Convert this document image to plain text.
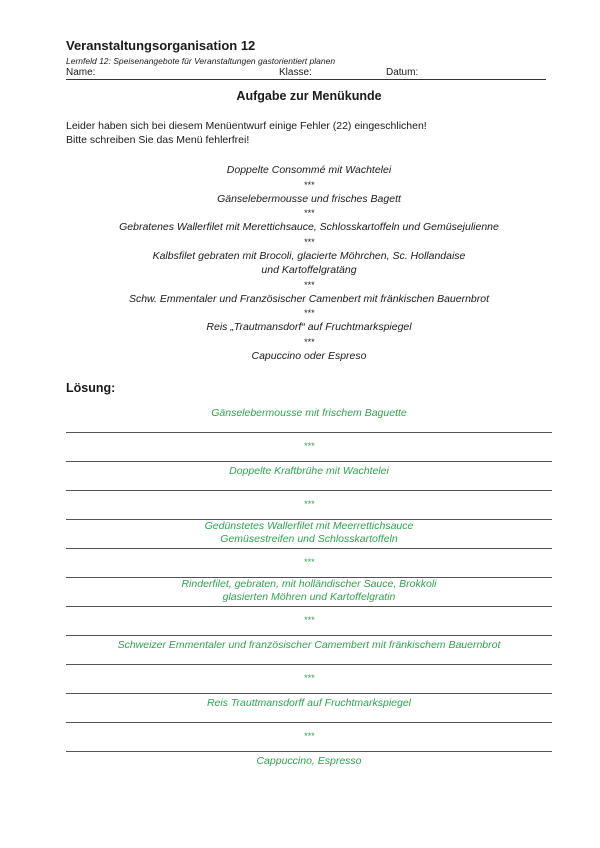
Veranstaltungsorganisation 12
Lernfeld 12: Speisenangebote für Veranstaltungen gastorientiert planen
Name:	Klasse:	Datum:
Aufgabe zur Menükunde
Leider haben sich bei diesem Menüentwurf einige Fehler (22) eingeschlichen!
Bitte schreiben Sie das Menü fehlerfrei!
Doppelte Consommé mit Wachtelei
***
Gänselebermousse und frisches Bagett
***
Gebratenes Wallerfilet mit Merettichsauce, Schlosskartoffeln und Gemüsejulienne
***
Kalbsfilet gebraten mit Brocoli, glacierte Möhrchen, Sc. Hollandaise
und Kartoffelgratäng
***
Schw. Emmentaler und Französischer Camenbert mit fränkischen Bauernbrot
***
Reis „Trautmansdorf“ auf Fruchtmarkspiegel
***
Capuccino oder Espreso
Lösung:
Gänselebermousse mit frischem Baguette
***
Doppelte Kraftbrühe mit Wachtelei
***
Gedünstetes Wallerfilet mit Meerrettichsauce
Gemüsestreifen und Schlosskartoffeln
***
Rinderfilet, gebraten, mit holländischer Sauce, Brokkoli
glasierten Möhren und Kartoffelgratin
***
Schweizer Emmentaler und französischer Camembert mit fränkischem Bauernbrot
***
Reis Trauttmansdorff auf Fruchtmarkspiegel
***
Cappuccino, Espresso
